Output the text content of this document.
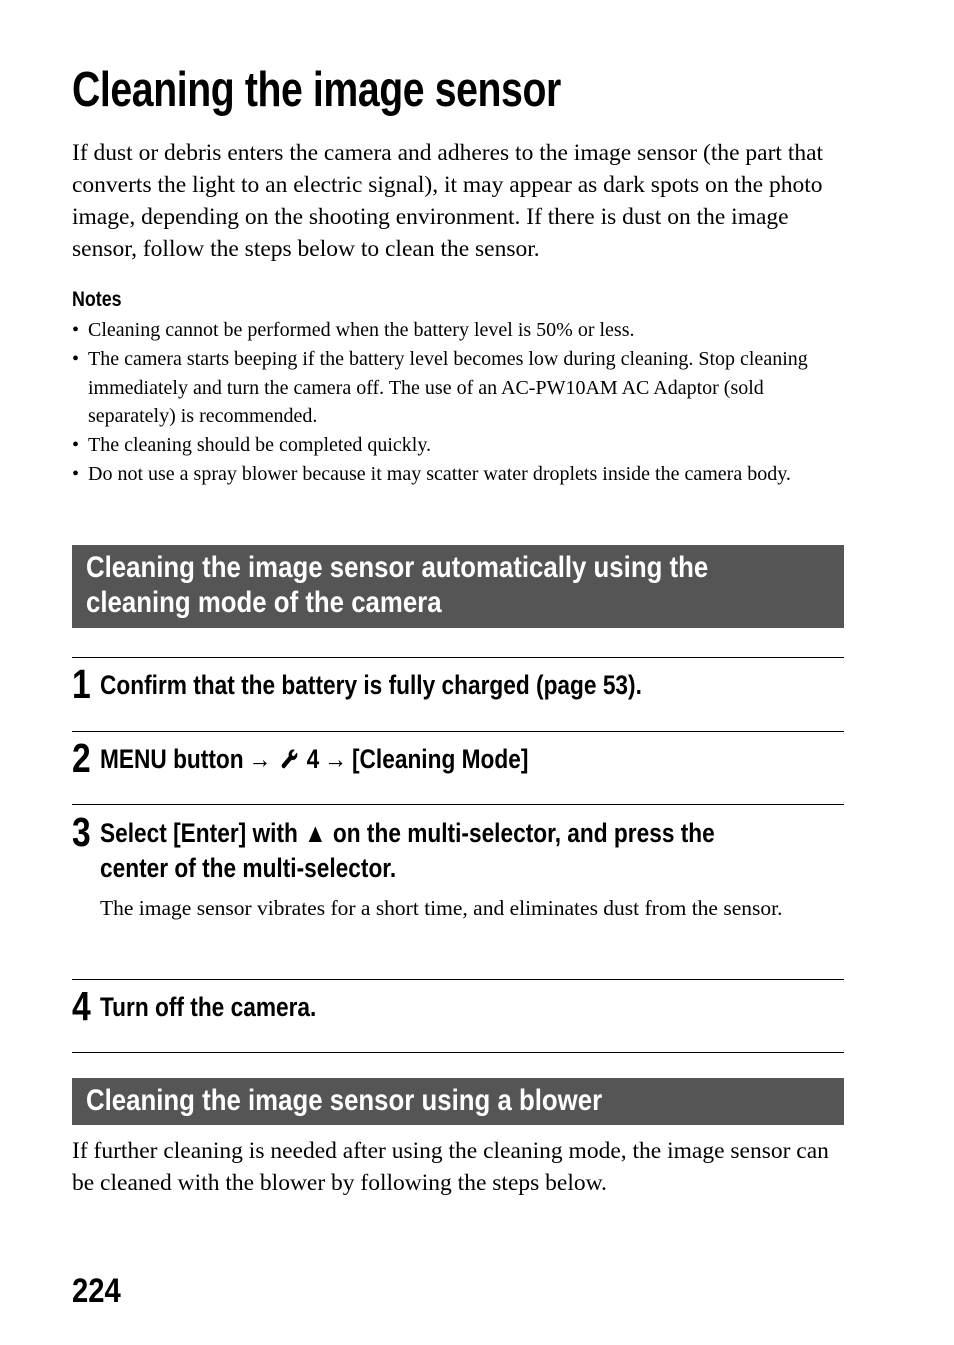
Cleaning the image sensor

If dust or debris enters the camera and adheres to the image sensor (the part that converts the light to an electric signal), it may appear as dark spots on the photo image, depending on the shooting environment. If there is dust on the image sensor, follow the steps below to clean the sensor.

Notes
• Cleaning cannot be performed when the battery level is 50% or less.
• The camera starts beeping if the battery level becomes low during cleaning. Stop cleaning immediately and turn the camera off. The use of an AC-PW10AM AC Adaptor (sold separately) is recommended.
• The cleaning should be completed quickly.
• Do not use a spray blower because it may scatter water droplets inside the camera body.
Cleaning the image sensor automatically using the
cleaning mode of the camera
1 Confirm that the battery is fully charged (page 53).
2 MENU button → 4 → [Cleaning Mode]
3 Select [Enter] with ▲ on the multi-selector, and press the
center of the multi-selector.

The image sensor vibrates for a short time, and eliminates dust from the sensor.

4 Turn off the camera.
Cleaning the image sensor using a blower

If further cleaning is needed after using the cleaning mode, the image sensor can be cleaned with the blower by following the steps below.

224
